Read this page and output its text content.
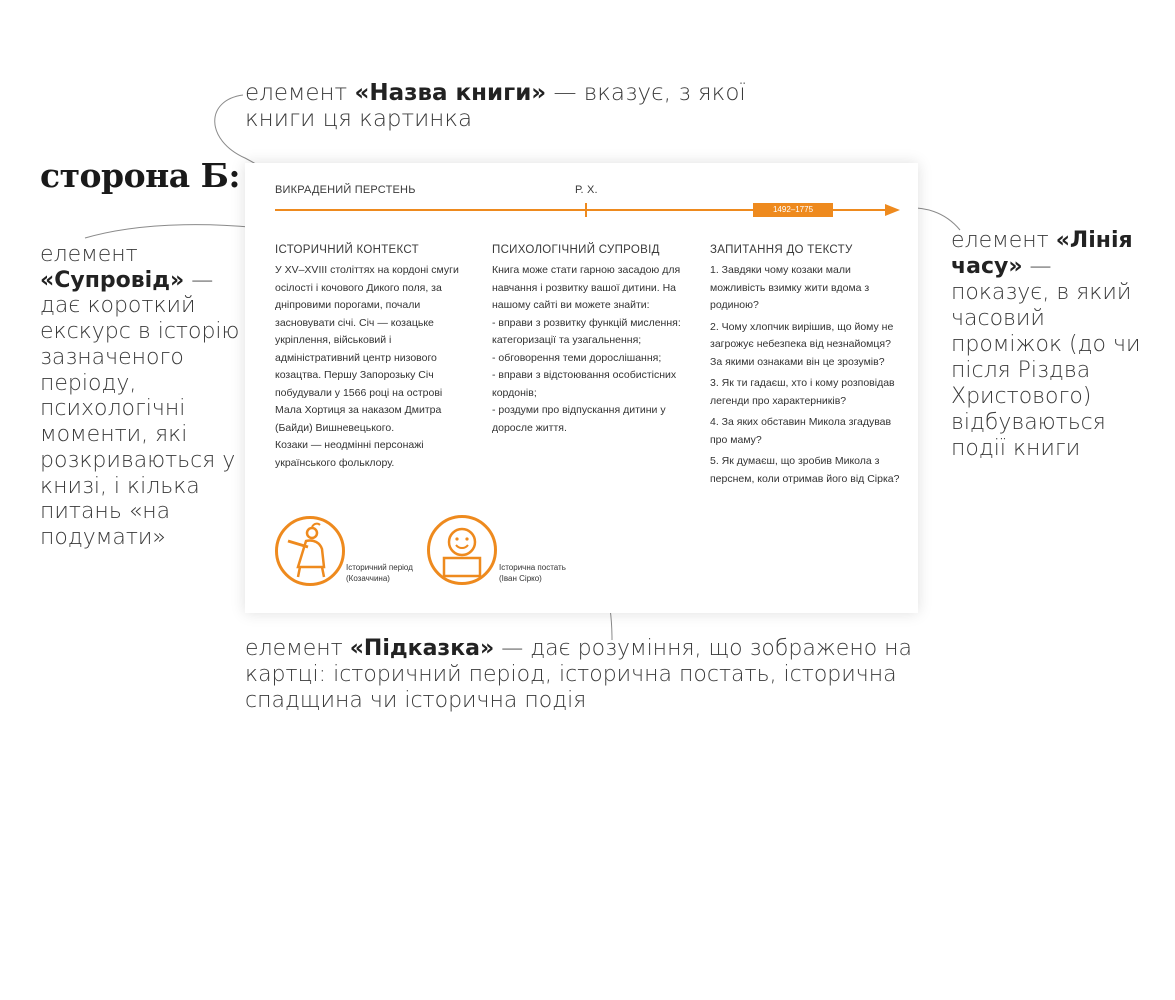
сторона Б:
елемент «Назва книги» — вказує, з якої книги ця картинка
елемент «Супровід» — дає короткий екскурс в історію зазначеного періоду, психологічні моменти, які розкриваються у книзі, і кілька питань «на подумати»
елемент «Лінія часу» — показує, в який часовий проміжок (до чи після Різдва Христового) відбуваються події книги
елемент «Підказка» — дає розуміння, що зображено на картці: історичний період, історична постать, історична спадщина чи історична подія
ВИКРАДЕНИЙ ПЕРСТЕНЬ	Р. Х.
1492–1775
ІСТОРИЧНИЙ КОНТЕКСТ

У XV–XVIII століттях на кордоні смуги осілості і кочового Дикого поля, за дніпровими порогами, почали засновувати січі. Січ — козацьке укріплення, військовий і адміністративний центр низового козацтва. Першу Запорозьку Січ побудували у 1566 році на острові Мала Хортиця за наказом Дмитра (Байди) Вишневецького.

Козаки — неодмінні персонажі українського фольклору.

ПСИХОЛОГІЧНИЙ СУПРОВІД

Книга може стати гарною засадою для навчання і розвитку вашої дитини. На нашому сайті ви можете знайти:

- вправи з розвитку функцій мислення: категоризації та узагальнення;

- обговорення теми дорослішання;

- вправи з відстоювання особистісних кордонів;

- роздуми про відпускання дитини у доросле життя.

ЗАПИТАННЯ ДО ТЕКСТУ

1. Завдяки чому козаки мали можливість взимку жити вдома з родиною?

2. Чому хлопчик вирішив, що йому не загрожує небезпека від незнайомця? За якими ознаками він це зрозумів?

3. Як ти гадаєш, хто і кому розповідав легенди про характерників?

4. За яких обставин Микола згадував про маму?

5. Як думаєш, що зробив Микола з перснем, коли отримав його від Сірка?

Історичний період
(Козаччина)
Історична постать
(Іван Сірко)
